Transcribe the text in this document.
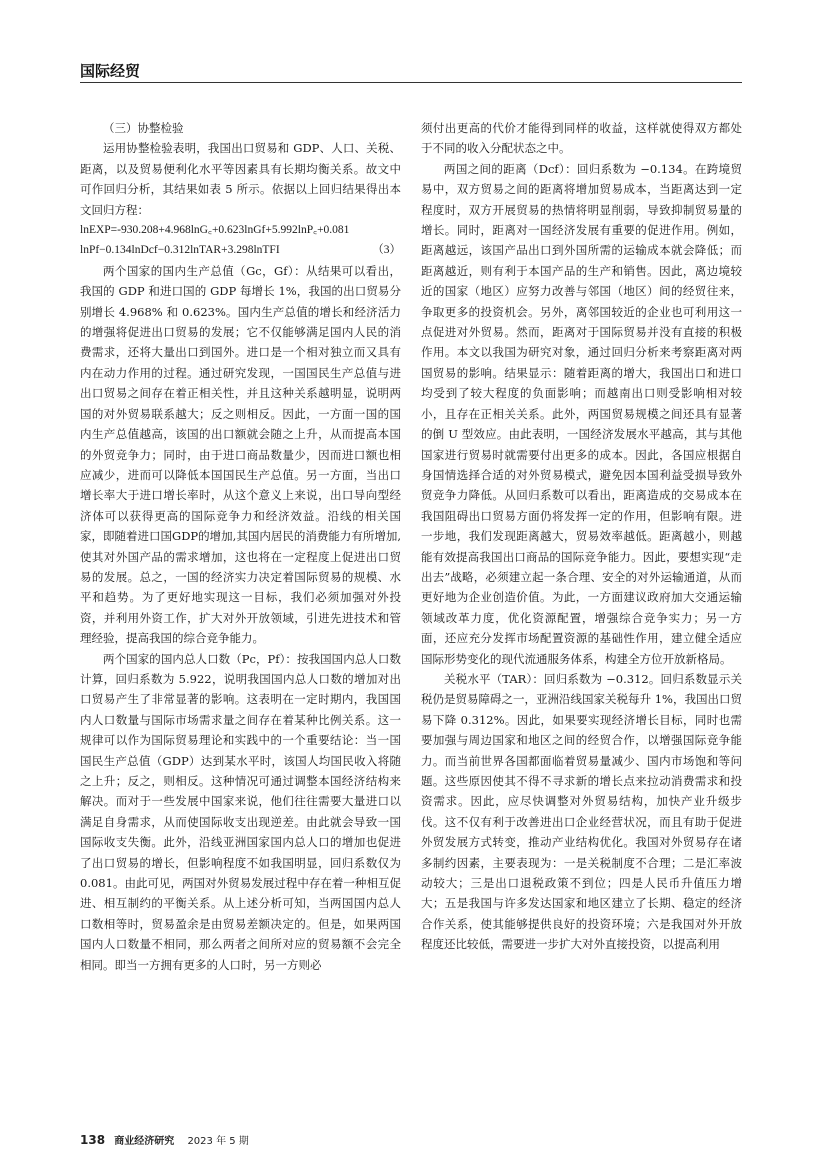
国际经贸

（三）协整检验

运用协整检验表明，我国出口贸易和 GDP、人口、关税、距离，以及贸易便利化水平等因素具有长期均衡关系。故文中可作回归分析，其结果如表 5 所示。依据以上回归结果得出本文回归方程：

lnEXP=-930.208+4.968lnG꜀+0.623lnGf+5.992lnP꜀+0.081
lnPf−0.134lnDcf−0.312lnTAR+3.298lnTFI	（3）

两个国家的国内生产总值（Gc，Gf）：从结果可以看出，我国的 GDP 和进口国的 GDP 每增长 1%，我国的出口贸易分别增长 4.968% 和 0.623%。国内生产总值的增长和经济活力的增强将促进出口贸易的发展；它不仅能够满足国内人民的消费需求，还将大量出口到国外。进口是一个相对独立而又具有内在动力作用的过程。通过研究发现，一国国民生产总值与进出口贸易之间存在着正相关性，并且这种关系越明显，说明两国的对外贸易联系越大；反之则相反。因此，一方面一国的国内生产总值越高，该国的出口额就会随之上升，从而提高本国的外贸竞争力；同时，由于进口商品数量少，因而进口额也相应减少，进而可以降低本国国民生产总值。另一方面，当出口增长率大于进口增长率时，从这个意义上来说，出口导向型经济体可以获得更高的国际竞争力和经济效益。沿线的相关国家，即随着进口国GDP的增加,其国内居民的消费能力有所增加,使其对外国产品的需求增加，这也将在一定程度上促进出口贸易的发展。总之，一国的经济实力决定着国际贸易的规模、水平和趋势。为了更好地实现这一目标，我们必须加强对外投资，并利用外资工作，扩大对外开放领域，引进先进技术和管理经验，提高我国的综合竞争能力。

两个国家的国内总人口数（Pc，Pf）：按我国国内总人口数计算，回归系数为 5.922，说明我国国内总人口数的增加对出口贸易产生了非常显著的影响。这表明在一定时期内，我国国内人口数量与国际市场需求量之间存在着某种比例关系。这一规律可以作为国际贸易理论和实践中的一个重要结论：当一国国民生产总值（GDP）达到某水平时，该国人均国民收入将随之上升；反之，则相反。这种情况可通过调整本国经济结构来解决。而对于一些发展中国家来说，他们往往需要大量进口以满足自身需求，从而使国际收支出现逆差。由此就会导致一国国际收支失衡。此外，沿线亚洲国家国内总人口的增加也促进了出口贸易的增长，但影响程度不如我国明显，回归系数仅为 0.081。由此可见，两国对外贸易发展过程中存在着一种相互促进、相互制约的平衡关系。从上述分析可知，当两国国内总人口数相等时，贸易盈余是由贸易差额决定的。但是，如果两国国内人口数量不相同，那么两者之间所对应的贸易额不会完全相同。即当一方拥有更多的人口时，另一方则必

须付出更高的代价才能得到同样的收益，这样就使得双方都处于不同的收入分配状态之中。

两国之间的距离（Dcf）：回归系数为 −0.134。在跨境贸易中，双方贸易之间的距离将增加贸易成本，当距离达到一定程度时，双方开展贸易的热情将明显削弱，导致抑制贸易量的增长。同时，距离对一国经济发展有重要的促进作用。例如，距离越远，该国产品出口到外国所需的运输成本就会降低；而距离越近，则有利于本国产品的生产和销售。因此，离边境较近的国家（地区）应努力改善与邻国（地区）间的经贸往来，争取更多的投资机会。另外，离邻国较近的企业也可利用这一点促进对外贸易。然而，距离对于国际贸易并没有直接的积极作用。本文以我国为研究对象，通过回归分析来考察距离对两国贸易的影响。结果显示：随着距离的增大，我国出口和进口均受到了较大程度的负面影响；而越南出口则受影响相对较小，且存在正相关关系。此外，两国贸易规模之间还具有显著的倒 U 型效应。由此表明，一国经济发展水平越高，其与其他国家进行贸易时就需要付出更多的成本。因此，各国应根据自身国情选择合适的对外贸易模式，避免因本国利益受损导致外贸竞争力降低。从回归系数可以看出，距离造成的交易成本在我国阻碍出口贸易方面仍将发挥一定的作用，但影响有限。进一步地，我们发现距离越大，贸易效率越低。距离越小，则越能有效提高我国出口商品的国际竞争能力。因此，要想实现“走出去”战略，必须建立起一条合理、安全的对外运输通道，从而更好地为企业创造价值。为此，一方面建议政府加大交通运输领域改革力度，优化资源配置，增强综合竞争实力；另一方面，还应充分发挥市场配置资源的基础性作用，建立健全适应国际形势变化的现代流通服务体系，构建全方位开放新格局。

关税水平（TAR）：回归系数为 −0.312。回归系数显示关税仍是贸易障碍之一，亚洲沿线国家关税每升 1%，我国出口贸易下降 0.312%。因此，如果要实现经济增长目标，同时也需要加强与周边国家和地区之间的经贸合作，以增强国际竞争能力。而当前世界各国都面临着贸易量减少、国内市场饱和等问题。这些原因使其不得不寻求新的增长点来拉动消费需求和投资需求。因此，应尽快调整对外贸易结构，加快产业升级步伐。这不仅有利于改善进出口企业经营状况，而且有助于促进外贸发展方式转变，推动产业结构优化。我国对外贸易存在诸多制约因素，主要表现为：一是关税制度不合理；二是汇率波动较大；三是出口退税政策不到位；四是人民币升值压力增大；五是我国与许多发达国家和地区建立了长期、稳定的经济合作关系，使其能够提供良好的投资环境；六是我国对外开放程度还比较低，需要进一步扩大对外直接投资，以提高利用

138 商业经济研究 2023 年 5 期
